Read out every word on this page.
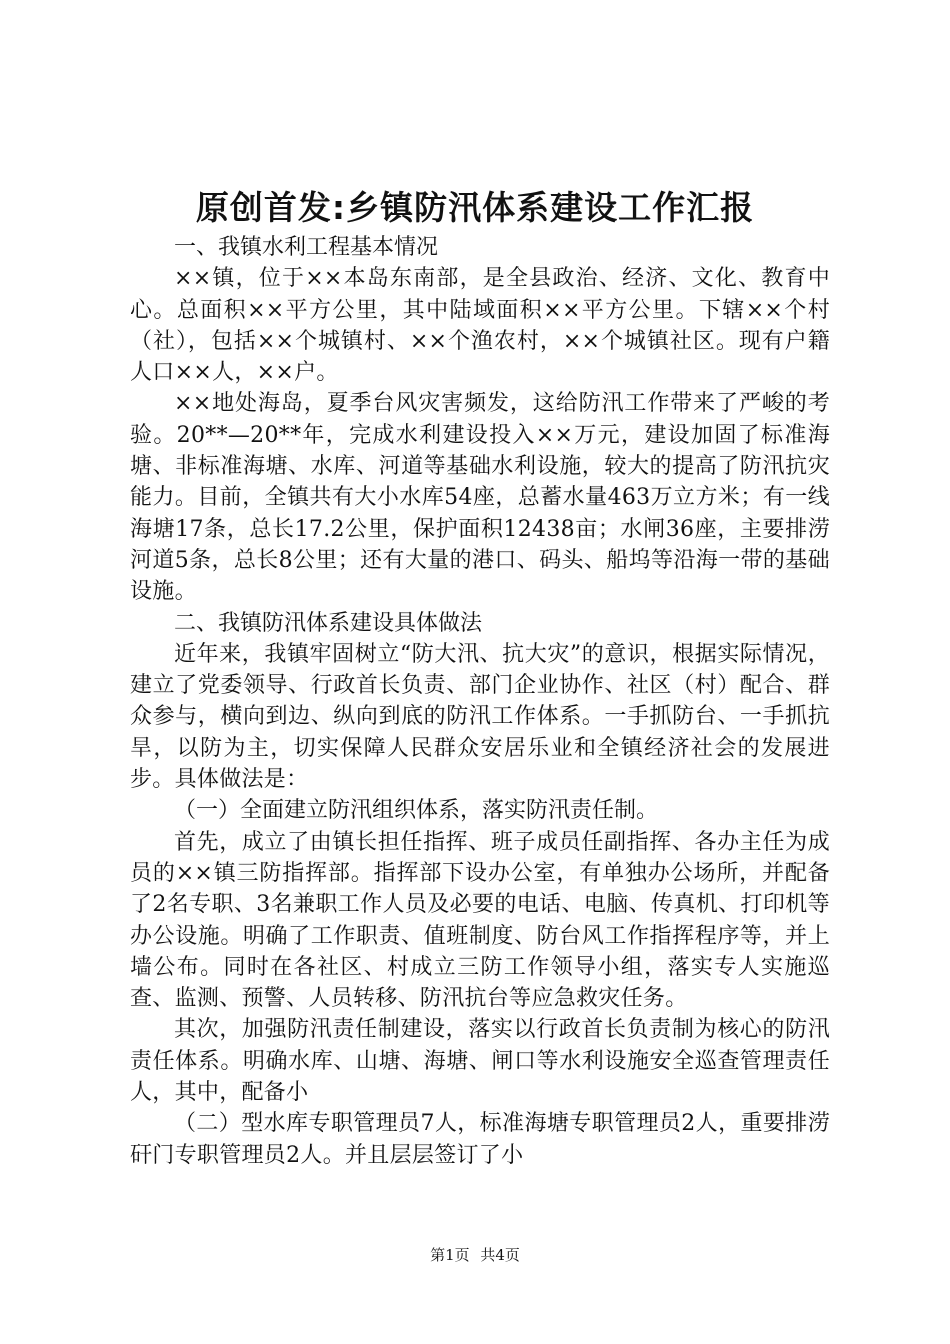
原创首发:乡镇防汛体系建设工作汇报

一、我镇水利工程基本情况

××镇，位于××本岛东南部，是全县政治、经济、文化、教育中心。总面积××平方公里，其中陆域面积××平方公里。下辖××个村（社），包括××个城镇村、××个渔农村，××个城镇社区。现有户籍人口××人，××户。

××地处海岛，夏季台风灾害频发，这给防汛工作带来了严峻的考验。20**—20**年，完成水利建设投入××万元，建设加固了标准海塘、非标准海塘、水库、河道等基础水利设施，较大的提高了防汛抗灾能力。目前，全镇共有大小水库54座，总蓄水量463万立方米；有一线海塘17条，总长17.2公里，保护面积12438亩；水闸36座，主要排涝河道5条，总长8公里；还有大量的港口、码头、船坞等沿海一带的基础设施。

二、我镇防汛体系建设具体做法

近年来，我镇牢固树立“防大汛、抗大灾”的意识，根据实际情况，建立了党委领导、行政首长负责、部门企业协作、社区（村）配合、群众参与，横向到边、纵向到底的防汛工作体系。一手抓防台、一手抓抗旱，以防为主，切实保障人民群众安居乐业和全镇经济社会的发展进步。具体做法是：

（一）全面建立防汛组织体系，落实防汛责任制。

首先，成立了由镇长担任指挥、班子成员任副指挥、各办主任为成员的××镇三防指挥部。指挥部下设办公室，有单独办公场所，并配备了2名专职、3名兼职工作人员及必要的电话、电脑、传真机、打印机等办公设施。明确了工作职责、值班制度、防台风工作指挥程序等，并上墙公布。同时在各社区、村成立三防工作领导小组，落实专人实施巡查、监测、预警、人员转移、防汛抗台等应急救灾任务。

其次，加强防汛责任制建设，落实以行政首长负责制为核心的防汛责任体系。明确水库、山塘、海塘、闸口等水利设施安全巡查管理责任人，其中，配备小

（二）型水库专职管理员7人，标准海塘专职管理员2人，重要排涝矸门专职管理员2人。并且层层签订了小

第1页 共4页
